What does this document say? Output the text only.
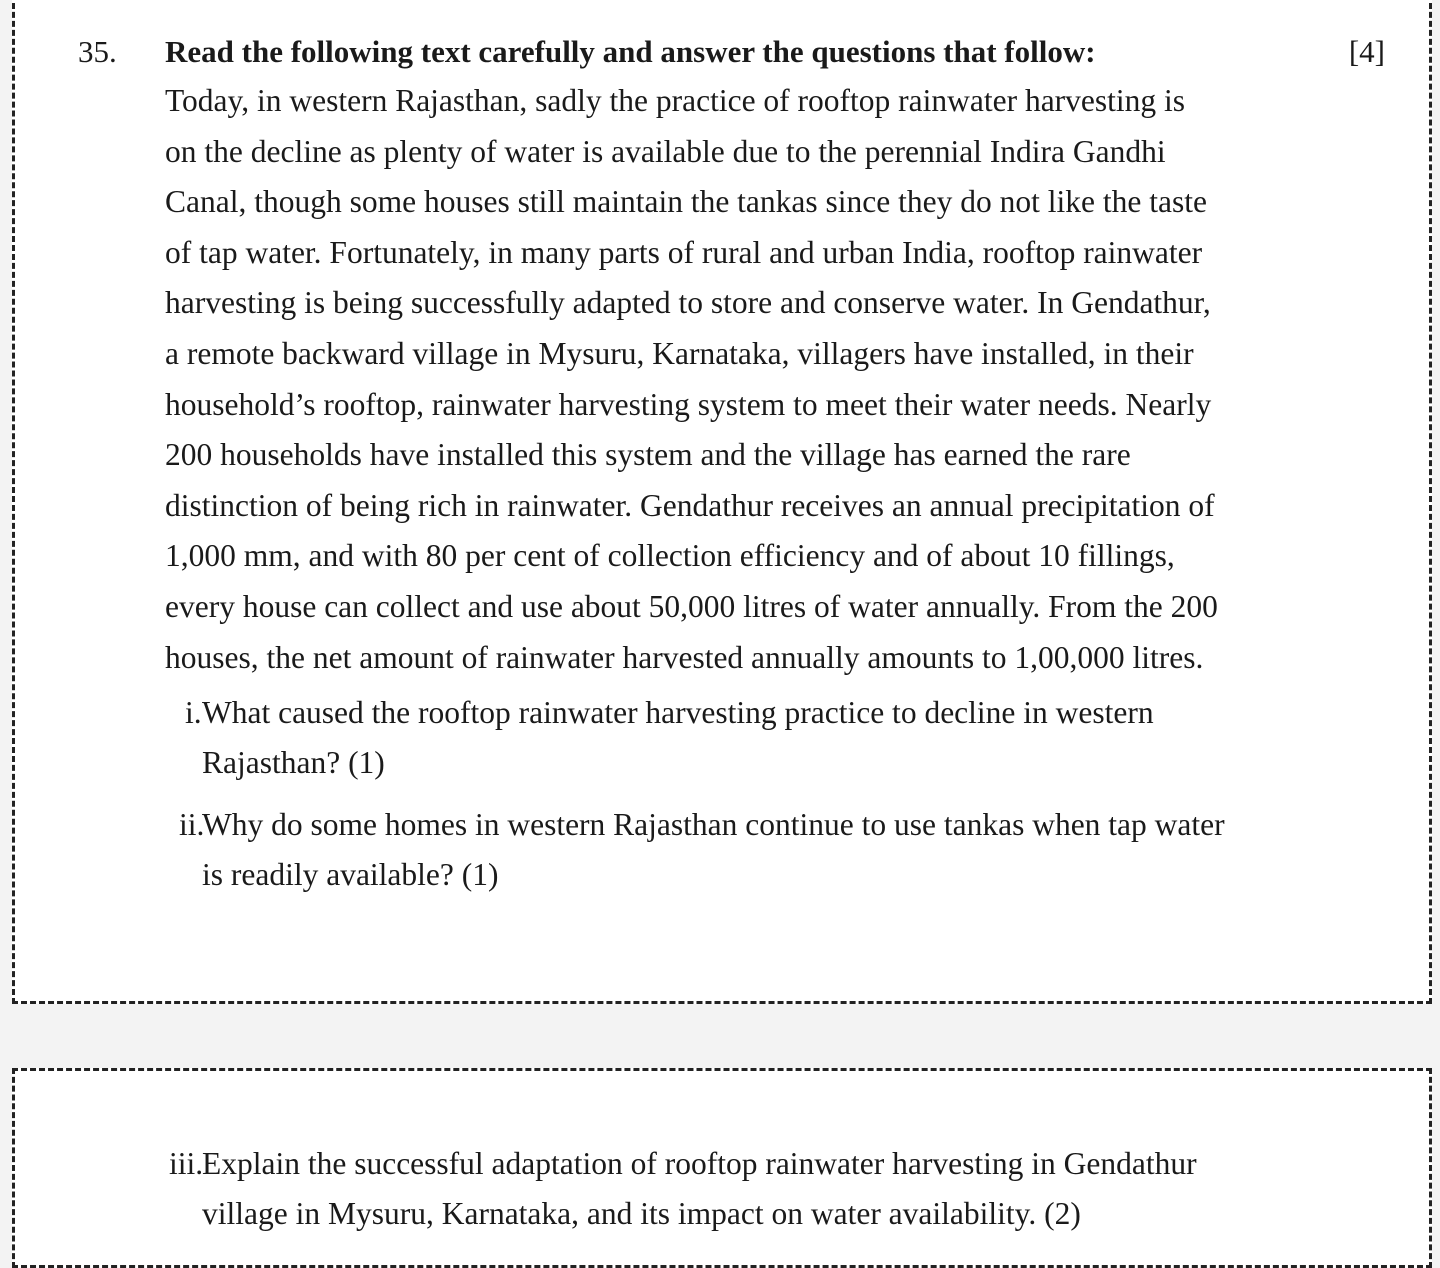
35. Read the following text carefully and answer the questions that follow:	[4]
Today, in western Rajasthan, sadly the practice of rooftop rainwater harvesting is
on the decline as plenty of water is available due to the perennial Indira Gandhi
Canal, though some houses still maintain the tankas since they do not like the taste
of tap water. Fortunately, in many parts of rural and urban India, rooftop rainwater
harvesting is being successfully adapted to store and conserve water. In Gendathur,
a remote backward village in Mysuru, Karnataka, villagers have installed, in their
household’s rooftop, rainwater harvesting system to meet their water needs. Nearly
200 households have installed this system and the village has earned the rare
distinction of being rich in rainwater. Gendathur receives an annual precipitation of
1,000 mm, and with 80 per cent of collection efficiency and of about 10 fillings,
every house can collect and use about 50,000 litres of water annually. From the 200
houses, the net amount of rainwater harvested annually amounts to 1,00,000 litres.
i. What caused the rooftop rainwater harvesting practice to decline in western
Rajasthan? (1)
ii.
Why do some homes in western Rajasthan continue to use tankas when tap water
is readily available? (1)
iii.
Explain the successful adaptation of rooftop rainwater harvesting in Gendathur
village in Mysuru, Karnataka, and its impact on water availability. (2)
